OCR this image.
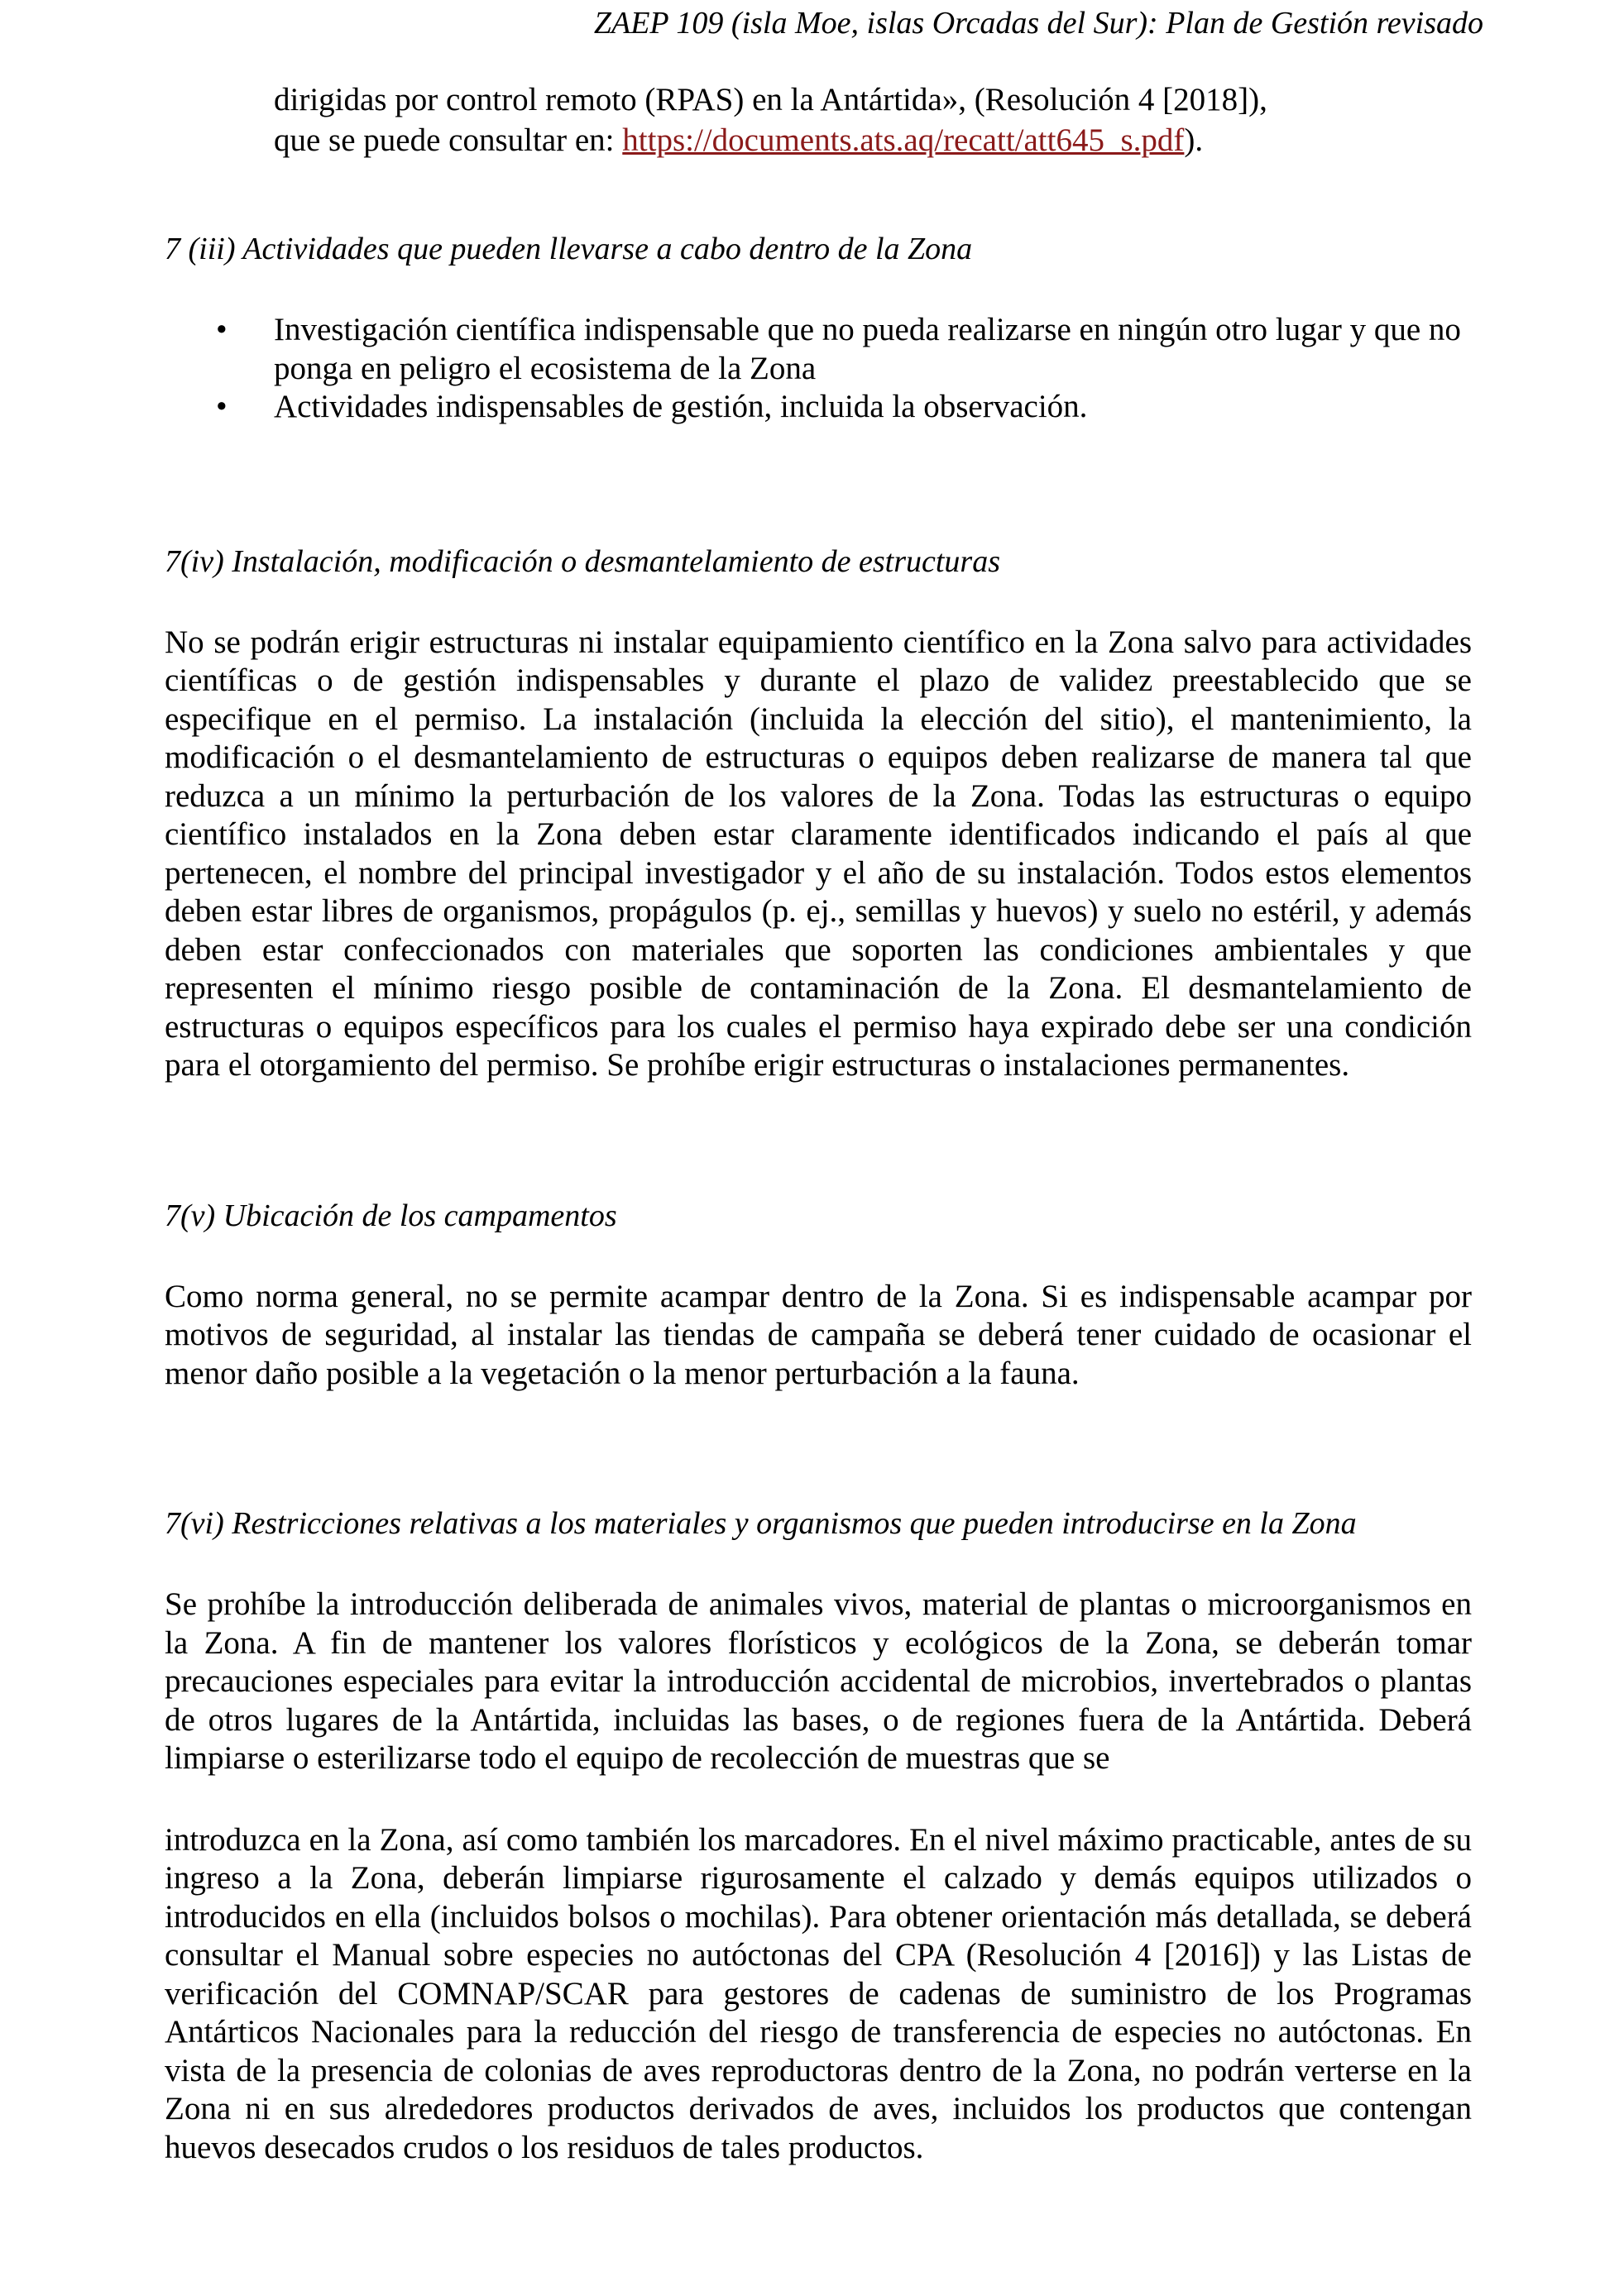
ZAEP 109 (isla Moe, islas Orcadas del Sur): Plan de Gestión revisado
dirigidas por control remoto (RPAS) en la Antártida», (Resolución 4 [2018]),
que se puede consultar en: https://documents.ats.aq/recatt/att645_s.pdf).
7 (iii) Actividades que pueden llevarse a cabo dentro de la Zona
• Investigación científica indispensable que no pueda realizarse en ningún otro lugar y que no ponga en peligro el ecosistema de la Zona
• Actividades indispensables de gestión, incluida la observación.
7(iv) Instalación, modificación o desmantelamiento de estructuras

No se podrán erigir estructuras ni instalar equipamiento científico en la Zona salvo para actividades científicas o de gestión indispensables y durante el plazo de validez preestablecido que se especifique en el permiso. La instalación (incluida la elección del sitio), el mantenimiento, la modificación o el desmantelamiento de estructuras o equipos deben realizarse de manera tal que reduzca a un mínimo la perturbación de los valores de la Zona. Todas las estructuras o equipo científico instalados en la Zona deben estar claramente identificados indicando el país al que pertenecen, el nombre del principal investigador y el año de su instalación. Todos estos elementos deben estar libres de organismos, propágulos (p. ej., semillas y huevos) y suelo no estéril, y además deben estar confeccionados con materiales que soporten las condiciones ambientales y que representen el mínimo riesgo posible de contaminación de la Zona. El desmantelamiento de estructuras o equipos específicos para los cuales el permiso haya expirado debe ser una condición para el otorgamiento del permiso. Se prohíbe erigir estructuras o instalaciones permanentes.

7(v) Ubicación de los campamentos

Como norma general, no se permite acampar dentro de la Zona. Si es indispensable acampar por motivos de seguridad, al instalar las tiendas de campaña se deberá tener cuidado de ocasionar el menor daño posible a la vegetación o la menor perturbación a la fauna.

7(vi) Restricciones relativas a los materiales y organismos que pueden introducirse en la Zona

Se prohíbe la introducción deliberada de animales vivos, material de plantas o microorganismos en la Zona. A fin de mantener los valores florísticos y ecológicos de la Zona, se deberán tomar precauciones especiales para evitar la introducción accidental de microbios, invertebrados o plantas de otros lugares de la Antártida, incluidas las bases, o de regiones fuera de la Antártida. Deberá limpiarse o esterilizarse todo el equipo de recolección de muestras que se

introduzca en la Zona, así como también los marcadores. En el nivel máximo practicable, antes de su ingreso a la Zona, deberán limpiarse rigurosamente el calzado y demás equipos utilizados o introducidos en ella (incluidos bolsos o mochilas). Para obtener orientación más detallada, se deberá consultar el Manual sobre especies no autóctonas del CPA (Resolución 4 [2016]) y las Listas de verificación del COMNAP/SCAR para gestores de cadenas de suministro de los Programas Antárticos Nacionales para la reducción del riesgo de transferencia de especies no autóctonas. En vista de la presencia de colonias de aves reproductoras dentro de la Zona, no podrán verterse en la Zona ni en sus alrededores productos derivados de aves, incluidos los productos que contengan huevos desecados crudos o los residuos de tales productos.
